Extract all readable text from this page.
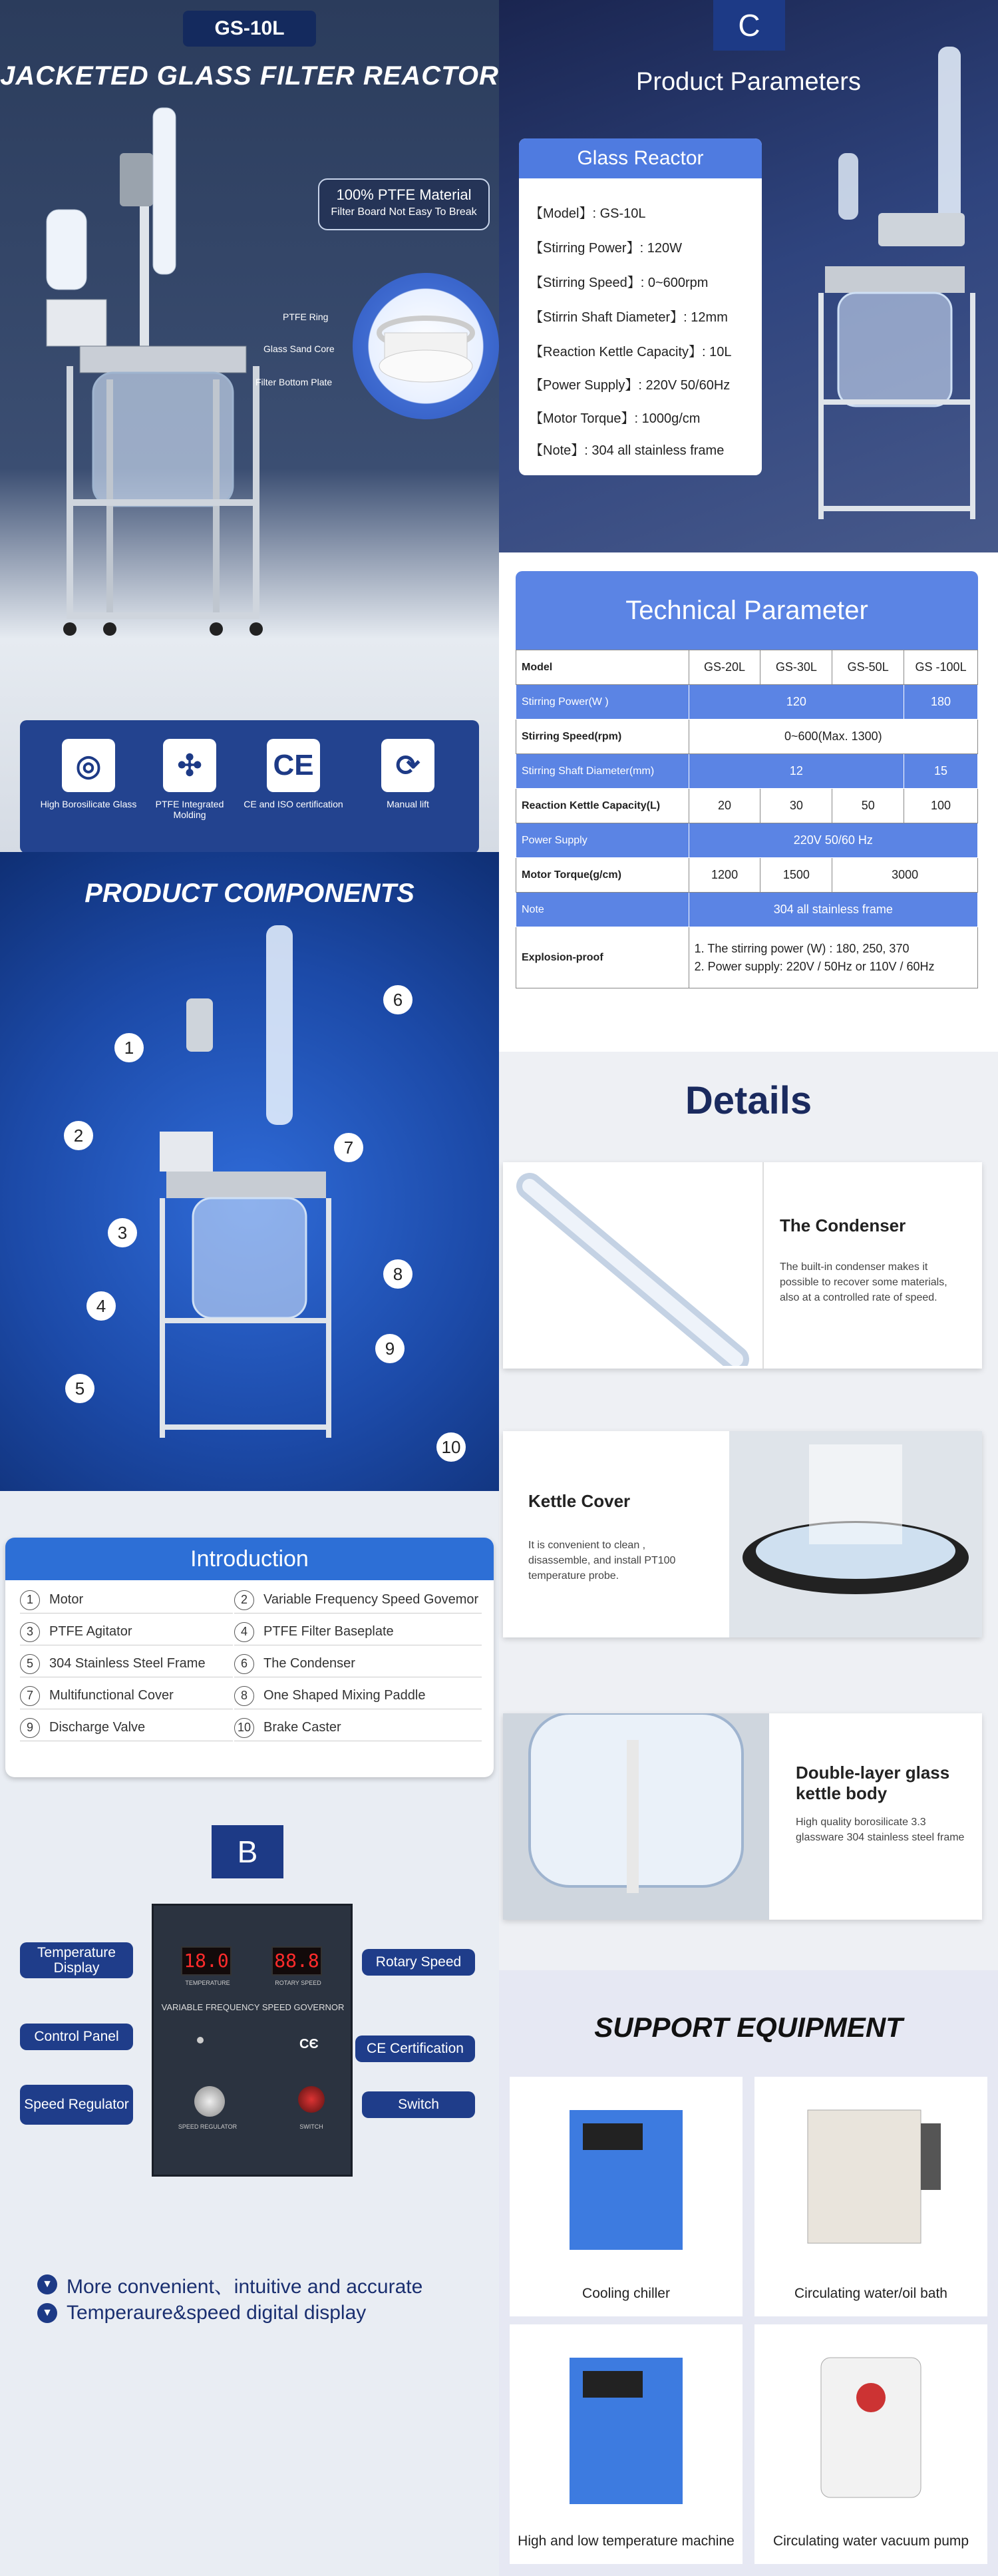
GS-10L
JACKETED GLASS FILTER REACTOR
100% PTFE Material
Filter Board Not Easy To Break
PTFE Ring
Glass Sand Core
Filter Bottom Plate
◎
High Borosilicate Glass
✣
PTFE Integrated Molding
CE
CE and ISO certification
⟳
Manual lift
PRODUCT COMPONENTS
1
2
3
4
5
6
7
8
9
10
Introduction
1	Motor
3	PTFE Agitator
5	304 Stainless Steel Frame
7	Multifunctional Cover
9	Discharge Valve
2	Variable Frequency Speed Govemor
4	PTFE Filter Baseplate
6	The Condenser
8	One Shaped Mixing Paddle
10 Brake Caster
B
18.0 88.8
TEMPERATURE	ROTARY SPEED
VARIABLE FREQUENCY SPEED GOVERNOR
CЄ
SPEED REGULATOR	SWITCH
Temperature Display
Control Panel
Speed Regulator
Rotary Speed
CE Certification
Switch
▼ More convenient、intuitive and accurate
▼ Temperaure&speed digital display
C
Product Parameters
Glass Reactor
【Model】: GS-10L
【Stirring Power】: 120W
【Stirring Speed】: 0~600rpm
【Stirrin Shaft Diameter】: 12mm
【Reaction Kettle Capacity】: 10L
【Power Supply】: 220V 50/60Hz
【Motor Torque】: 1000g/cm
【Note】: 304 all stainless frame
Technical Parameter
Model	GS-20L	GS-30L	GS-50L	GS -100L
Stirring Power(W )	120			180
Stirring Speed(rpm)	0~600(Max. 1300)			
Stirring Shaft Diameter(mm)	12			15
Reaction Kettle Capacity(L)	20	30	50	100
Power Supply	220V 50/60 Hz			
Motor Torque(g/cm)	1200	1500	3000	
Note	304 all stainless frame			
Explosion-proof	1. The stirring power (W) : 180, 250, 370
2. Power supply: 220V / 50Hz or 110V / 60Hz			
Details
The Condenser
The built-in condenser makes it possible to recover some materials, also at a controlled rate of speed.
Kettle Cover
It is convenient to clean , disassemble, and install PT100 temperature probe.
Double-layer glass kettle body
High quality borosilicate 3.3 glassware 304 stainless steel frame
SUPPORT EQUIPMENT
Cooling chiller	Circulating water/oil bath
High and low temperature machine	Circulating water vacuum pump
